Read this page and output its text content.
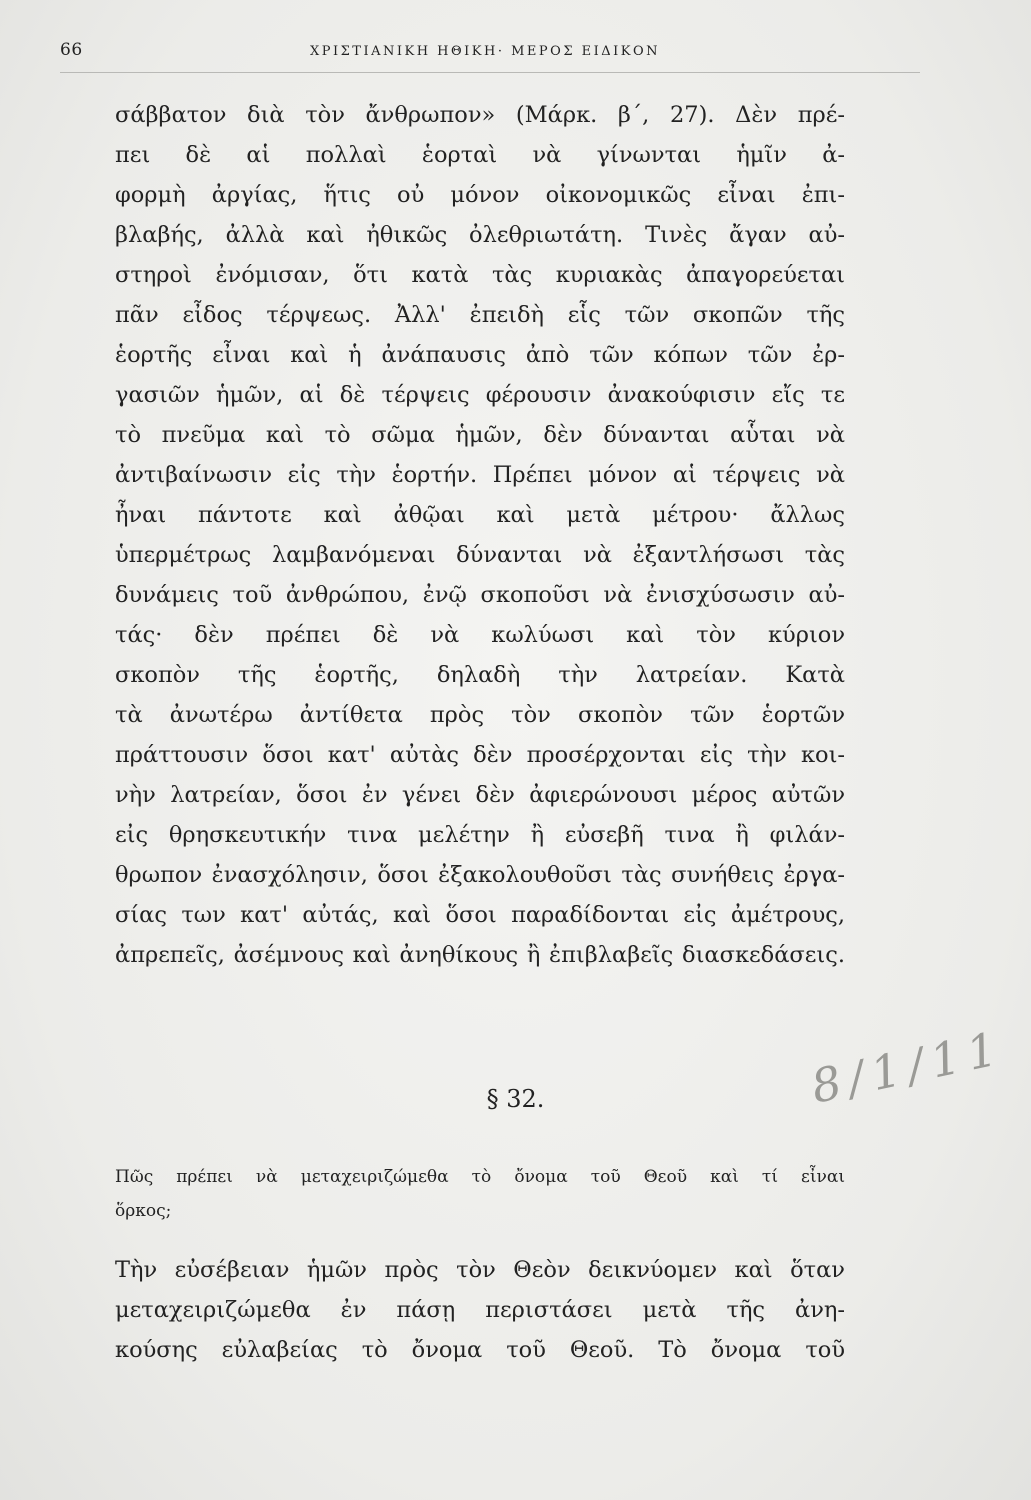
66	ΧΡΙΣΤΙΑΝΙΚΗ ΗΘΙΚΗ· ΜΕΡΟΣ ΕΙΔΙΚΟΝ
σάββατον διὰ τὸν ἄνθρωπον» (Μάρκ. β΄, 27). Δὲν πρέ-
πει δὲ αἱ πολλαὶ ἑορταὶ νὰ γίνωνται ἡμῖν ἀ-
φορμὴ ἀργίας, ἥτις οὐ μόνον οἰκονομικῶς εἶναι ἐπι-
βλαβής, ἀλλὰ καὶ ἠθικῶς ὀλεθριωτάτη. Τινὲς ἄγαν αὐ-
στηροὶ ἐνόμισαν, ὅτι κατὰ τὰς κυριακὰς ἀπαγορεύεται
πᾶν εἶδος τέρψεως. Ἀλλ' ἐπειδὴ εἷς τῶν σκοπῶν τῆς
ἑορτῆς εἶναι καὶ ἡ ἀνάπαυσις ἀπὸ τῶν κόπων τῶν ἐρ-
γασιῶν ἡμῶν, αἱ δὲ τέρψεις φέρουσιν ἀνακούφισιν εἴς τε
τὸ πνεῦμα καὶ τὸ σῶμα ἡμῶν, δὲν δύνανται αὗται νὰ
ἀντιβαίνωσιν εἰς τὴν ἑορτήν. Πρέπει μόνον αἱ τέρψεις νὰ
ἦναι πάντοτε καὶ ἀθῷαι καὶ μετὰ μέτρου· ἄλλως
ὑπερμέτρως λαμβανόμεναι δύνανται νὰ ἐξαντλήσωσι τὰς
δυνάμεις τοῦ ἀνθρώπου, ἐνῷ σκοποῦσι νὰ ἐνισχύσωσιν αὐ-
τάς· δὲν πρέπει δὲ νὰ κωλύωσι καὶ τὸν κύριον
σκοπὸν τῆς ἑορτῆς, δηλαδὴ τὴν λατρείαν. Κατὰ
τὰ ἀνωτέρω ἀντίθετα πρὸς τὸν σκοπὸν τῶν ἑορτῶν
πράττουσιν ὅσοι κατ' αὐτὰς δὲν προσέρχονται εἰς τὴν κοι-
νὴν λατρείαν, ὅσοι ἐν γένει δὲν ἀφιερώνουσι μέρος αὐτῶν
εἰς θρησκευτικήν τινα μελέτην ἢ εὐσεβῆ τινα ἢ φιλάν-
θρωπον ἐνασχόλησιν, ὅσοι ἐξακολουθοῦσι τὰς συνήθεις ἐργα-
σίας των κατ' αὐτάς, καὶ ὅσοι παραδίδονται εἰς ἀμέτρους,
ἀπρεπεῖς, ἀσέμνους καὶ ἀνηθίκους ἢ ἐπιβλαβεῖς διασκεδάσεις.
8/1/11
§ 32.
Πῶς πρέπει νὰ μεταχειριζώμεθα τὸ ὄνομα τοῦ Θεοῦ καὶ τί εἶναι
ὅρκος;
Τὴν εὐσέβειαν ἡμῶν πρὸς τὸν Θεὸν δεικνύομεν καὶ ὅταν
μεταχειριζώμεθα ἐν πάσῃ περιστάσει μετὰ τῆς ἀνη-
κούσης εὐλαβείας τὸ ὄνομα τοῦ Θεοῦ. Τὸ ὄνομα τοῦ
